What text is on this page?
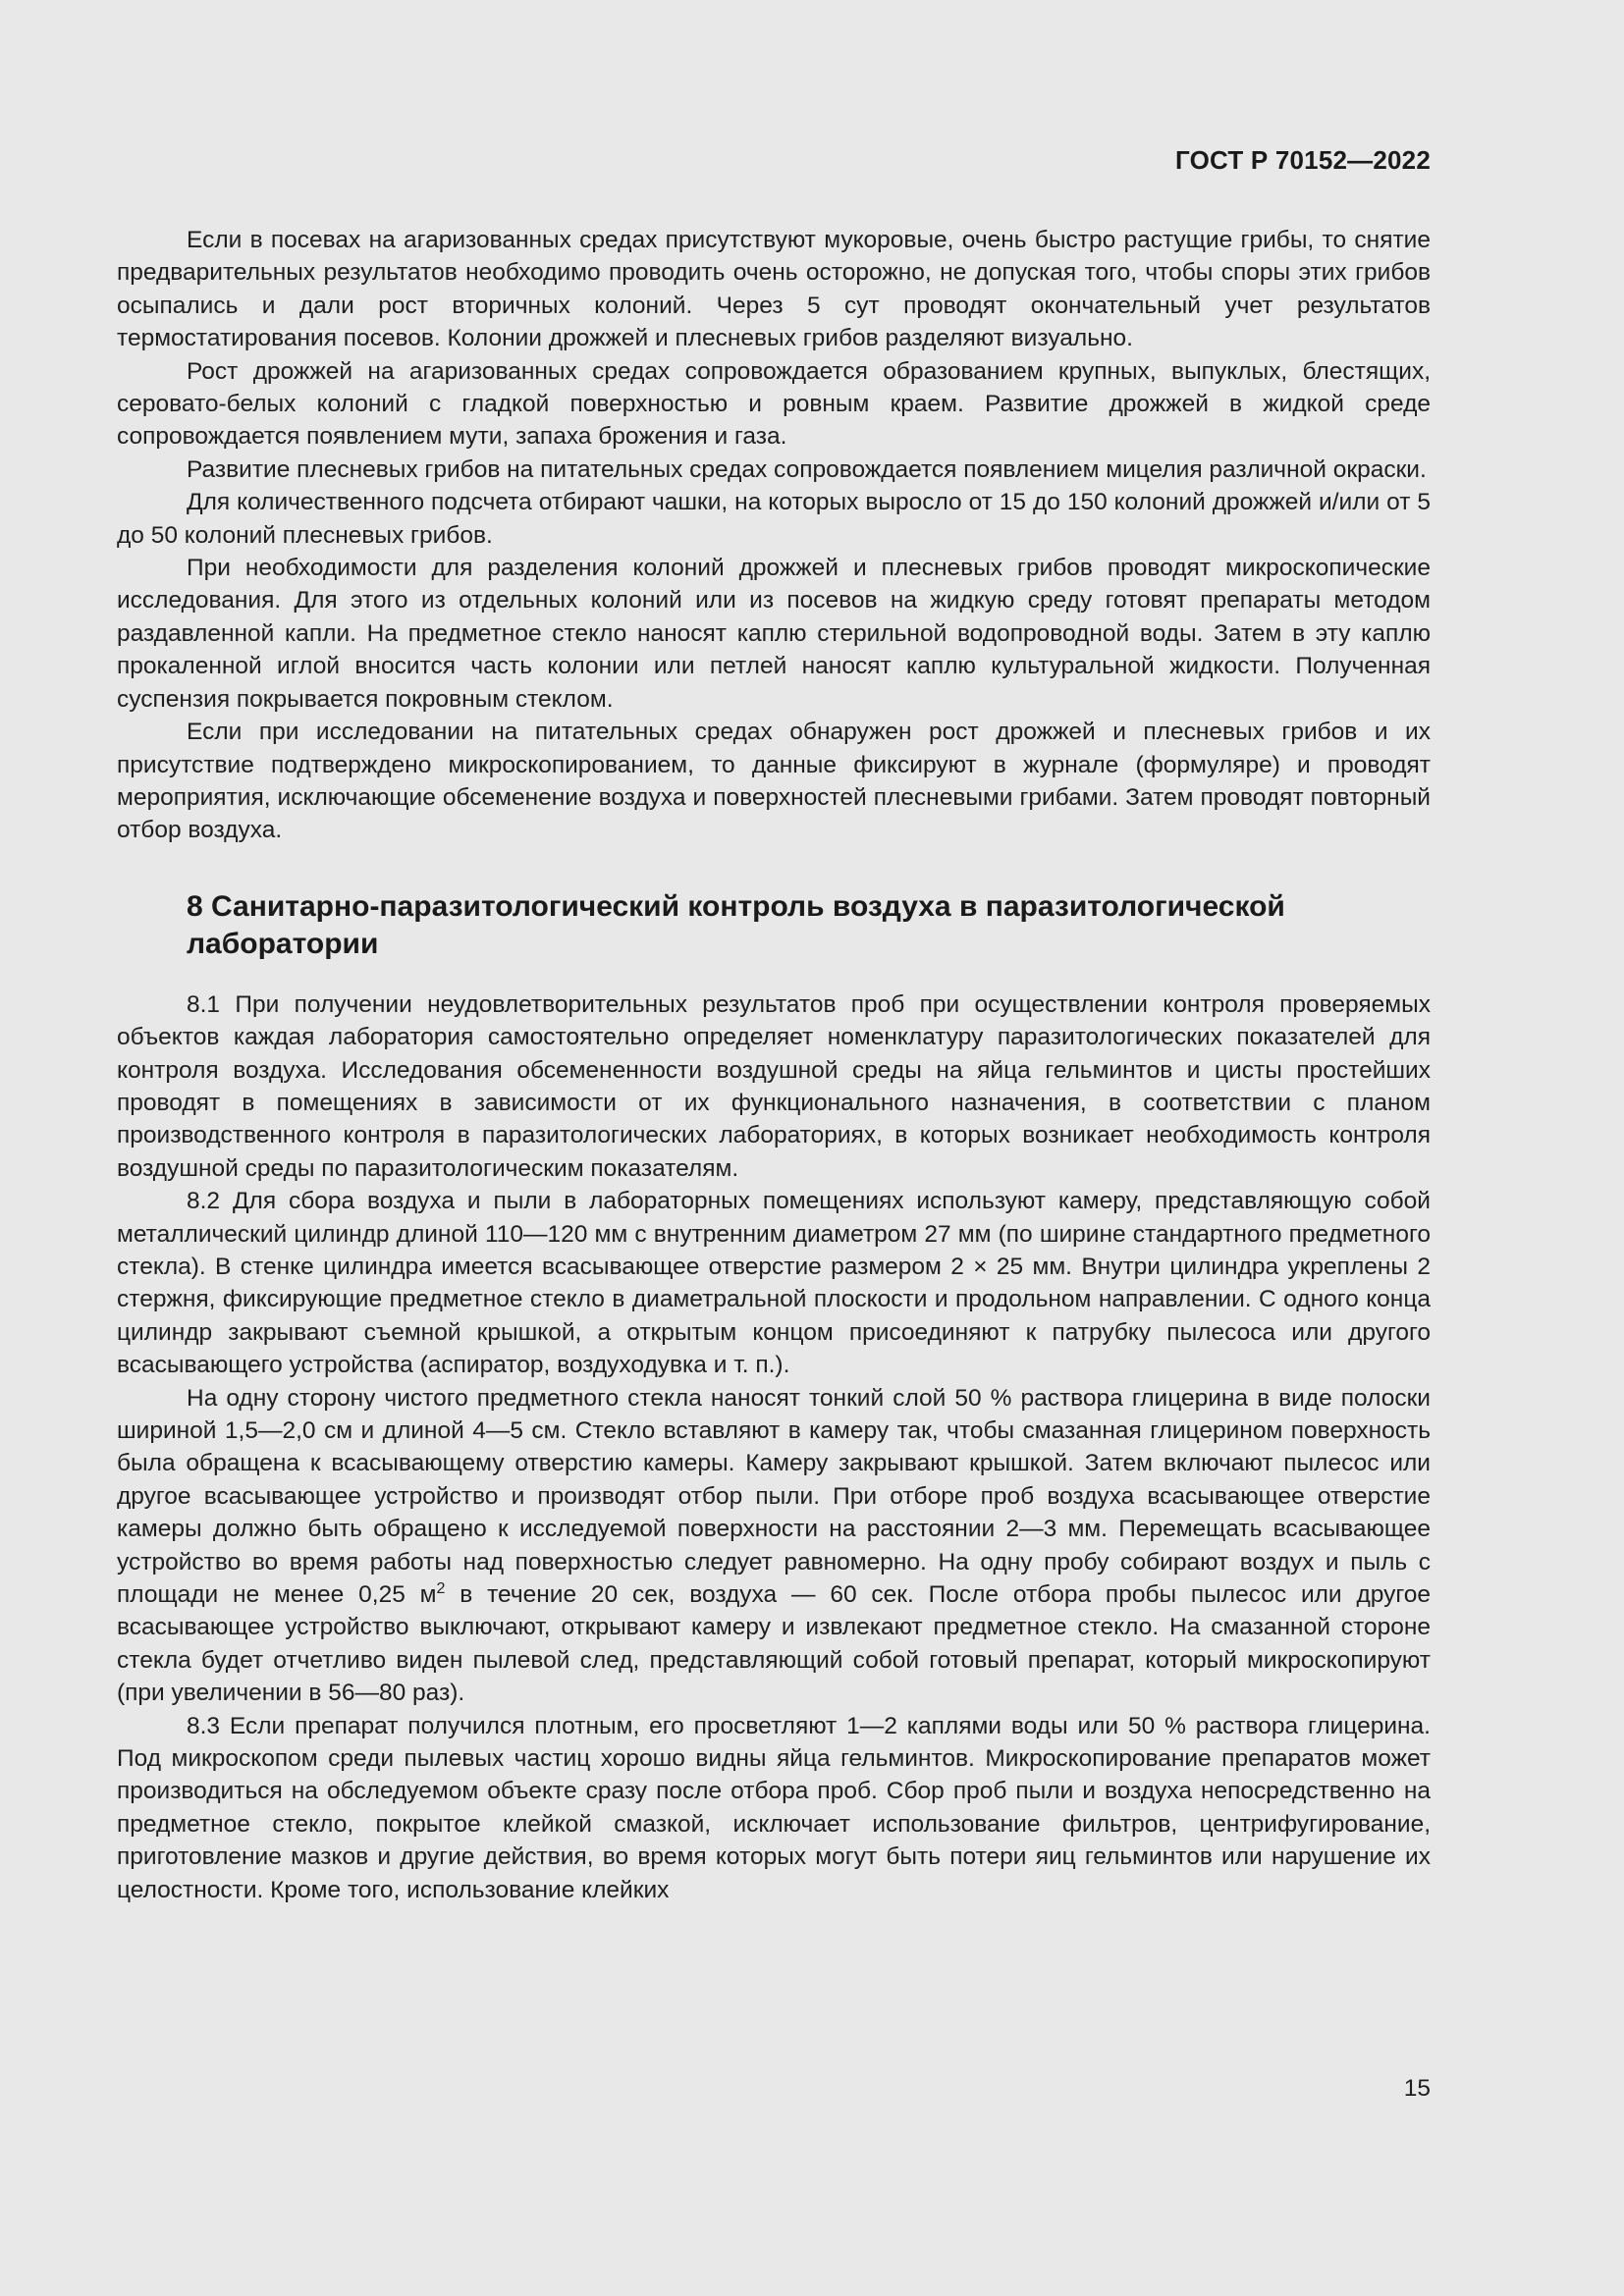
ГОСТ Р 70152—2022

Если в посевах на агаризованных средах присутствуют мукоровые, очень быстро растущие грибы, то снятие предварительных результатов необходимо проводить очень осторожно, не допуская того, чтобы споры этих грибов осыпались и дали рост вторичных колоний. Через 5 сут проводят окончательный учет результатов термостатирования посевов. Колонии дрожжей и плесневых грибов разделяют визуально.

Рост дрожжей на агаризованных средах сопровождается образованием крупных, выпуклых, блестящих, серовато-белых колоний с гладкой поверхностью и ровным краем. Развитие дрожжей в жидкой среде сопровождается появлением мути, запаха брожения и газа.

Развитие плесневых грибов на питательных средах сопровождается появлением мицелия различной окраски.

Для количественного подсчета отбирают чашки, на которых выросло от 15 до 150 колоний дрожжей и/или от 5 до 50 колоний плесневых грибов.

При необходимости для разделения колоний дрожжей и плесневых грибов проводят микроскопические исследования. Для этого из отдельных колоний или из посевов на жидкую среду готовят препараты методом раздавленной капли. На предметное стекло наносят каплю стерильной водопроводной воды. Затем в эту каплю прокаленной иглой вносится часть колонии или петлей наносят каплю культуральной жидкости. Полученная суспензия покрывается покровным стеклом.

Если при исследовании на питательных средах обнаружен рост дрожжей и плесневых грибов и их присутствие подтверждено микроскопированием, то данные фиксируют в журнале (формуляре) и проводят мероприятия, исключающие обсеменение воздуха и поверхностей плесневыми грибами. Затем проводят повторный отбор воздуха.

8 Санитарно-паразитологический контроль воздуха в паразитологической лаборатории

8.1 При получении неудовлетворительных результатов проб при осуществлении контроля проверяемых объектов каждая лаборатория самостоятельно определяет номенклатуру паразитологических показателей для контроля воздуха. Исследования обсемененности воздушной среды на яйца гельминтов и цисты простейших проводят в помещениях в зависимости от их функционального назначения, в соответствии с планом производственного контроля в паразитологических лабораториях, в которых возникает необходимость контроля воздушной среды по паразитологическим показателям.

8.2 Для сбора воздуха и пыли в лабораторных помещениях используют камеру, представляющую собой металлический цилиндр длиной 110—120 мм с внутренним диаметром 27 мм (по ширине стандартного предметного стекла). В стенке цилиндра имеется всасывающее отверстие размером 2 × 25 мм. Внутри цилиндра укреплены 2 стержня, фиксирующие предметное стекло в диаметральной плоскости и продольном направлении. С одного конца цилиндр закрывают съемной крышкой, а открытым концом присоединяют к патрубку пылесоса или другого всасывающего устройства (аспиратор, воздуходувка и т. п.).

На одну сторону чистого предметного стекла наносят тонкий слой 50 % раствора глицерина в виде полоски шириной 1,5—2,0 см и длиной 4—5 см. Стекло вставляют в камеру так, чтобы смазанная глицерином поверхность была обращена к всасывающему отверстию камеры. Камеру закрывают крышкой. Затем включают пылесос или другое всасывающее устройство и производят отбор пыли. При отборе проб воздуха всасывающее отверстие камеры должно быть обращено к исследуемой поверхности на расстоянии 2—3 мм. Перемещать всасывающее устройство во время работы над поверхностью следует равномерно. На одну пробу собирают воздух и пыль с площади не менее 0,25 $м^2$ в течение 20 сек, воздуха — 60 сек. После отбора пробы пылесос или другое всасывающее устройство выключают, открывают камеру и извлекают предметное стекло. На смазанной стороне стекла будет отчетливо виден пылевой след, представляющий собой готовый препарат, который микроскопируют (при увеличении в 56—80 раз).

8.3 Если препарат получился плотным, его просветляют 1—2 каплями воды или 50 % раствора глицерина. Под микроскопом среди пылевых частиц хорошо видны яйца гельминтов. Микроскопирование препаратов может производиться на обследуемом объекте сразу после отбора проб. Сбор проб пыли и воздуха непосредственно на предметное стекло, покрытое клейкой смазкой, исключает использование фильтров, центрифугирование, приготовление мазков и другие действия, во время которых могут быть потери яиц гельминтов или нарушение их целостности. Кроме того, использование клейких

15
